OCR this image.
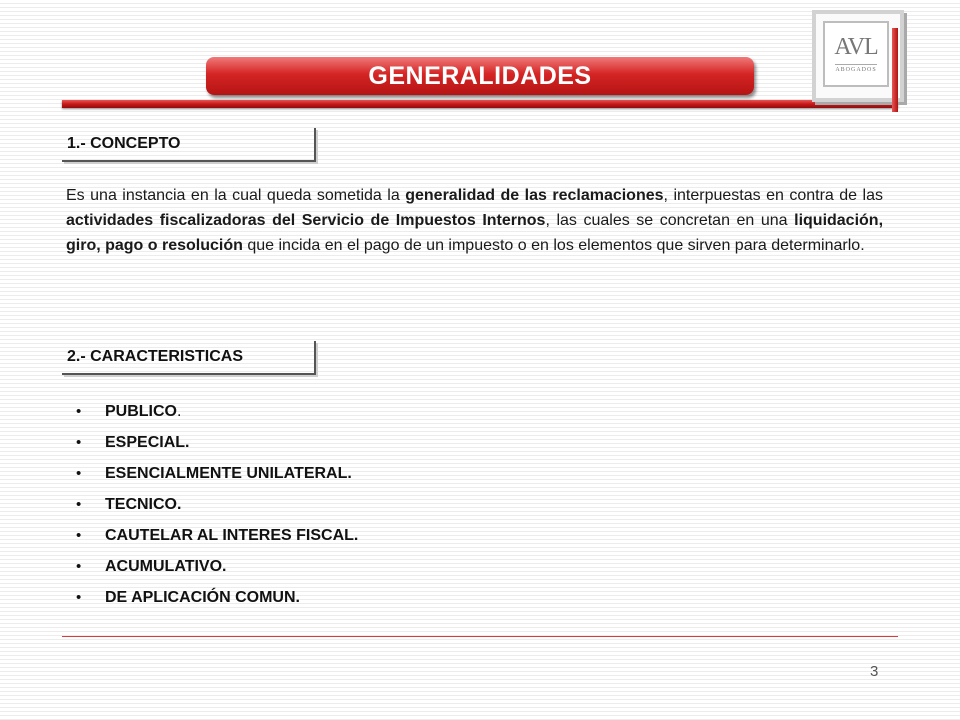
GENERALIDADES
AVL
ABOGADOS
1.- CONCEPTO

Es una instancia en la cual queda sometida la generalidad de las reclamaciones, interpuestas en contra de las actividades fiscalizadoras del Servicio de Impuestos Internos, las cuales se concretan en una liquidación, giro, pago o resolución que incida en el pago de un impuesto o en los elementos que sirven para determinarlo.

2.- CARACTERISTICAS
•	PUBLICO .
•	ESPECIAL.
•	ESENCIALMENTE UNILATERAL.
•	TECNICO.
•	CAUTELAR AL INTERES FISCAL.
•	ACUMULATIVO.
•	DE APLICACIÓN COMUN.
3
